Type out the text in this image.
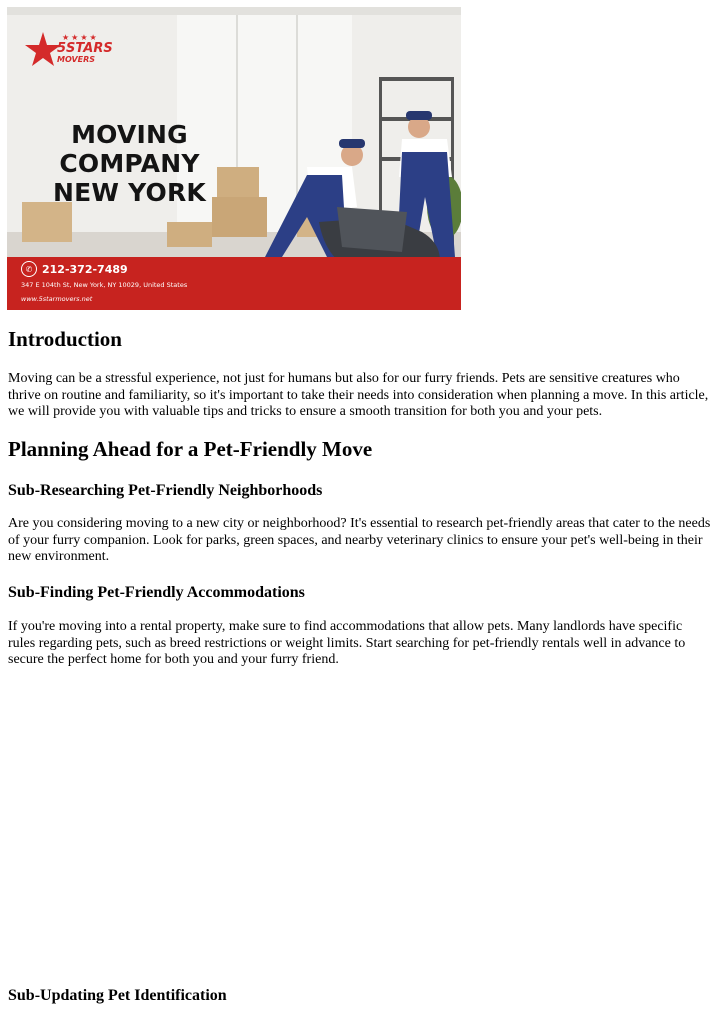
★★★★
5STARS
MOVERS
MOVING
COMPANY
NEW YORK
✆ 212-372-7489
347 E 104th St, New York, NY 10029, United States
www.5starmovers.net
Introduction

Moving can be a stressful experience, not just for humans but also for our furry friends. Pets are sensitive creatures who thrive on routine and familiarity, so it's important to take their needs into consideration when planning a move. In this article, we will provide you with valuable tips and tricks to ensure a smooth transition for both you and your pets.

Planning Ahead for a Pet-Friendly Move
Sub-Researching Pet-Friendly Neighborhoods

Are you considering moving to a new city or neighborhood? It's essential to research pet-friendly areas that cater to the needs of your furry companion. Look for parks, green spaces, and nearby veterinary clinics to ensure your pet's well-being in their new environment.

Sub-Finding Pet-Friendly Accommodations

If you're moving into a rental property, make sure to find accommodations that allow pets. Many landlords have specific rules regarding pets, such as breed restrictions or weight limits. Start searching for pet-friendly rentals well in advance to secure the perfect home for both you and your furry friend.

Sub-Updating Pet Identification
